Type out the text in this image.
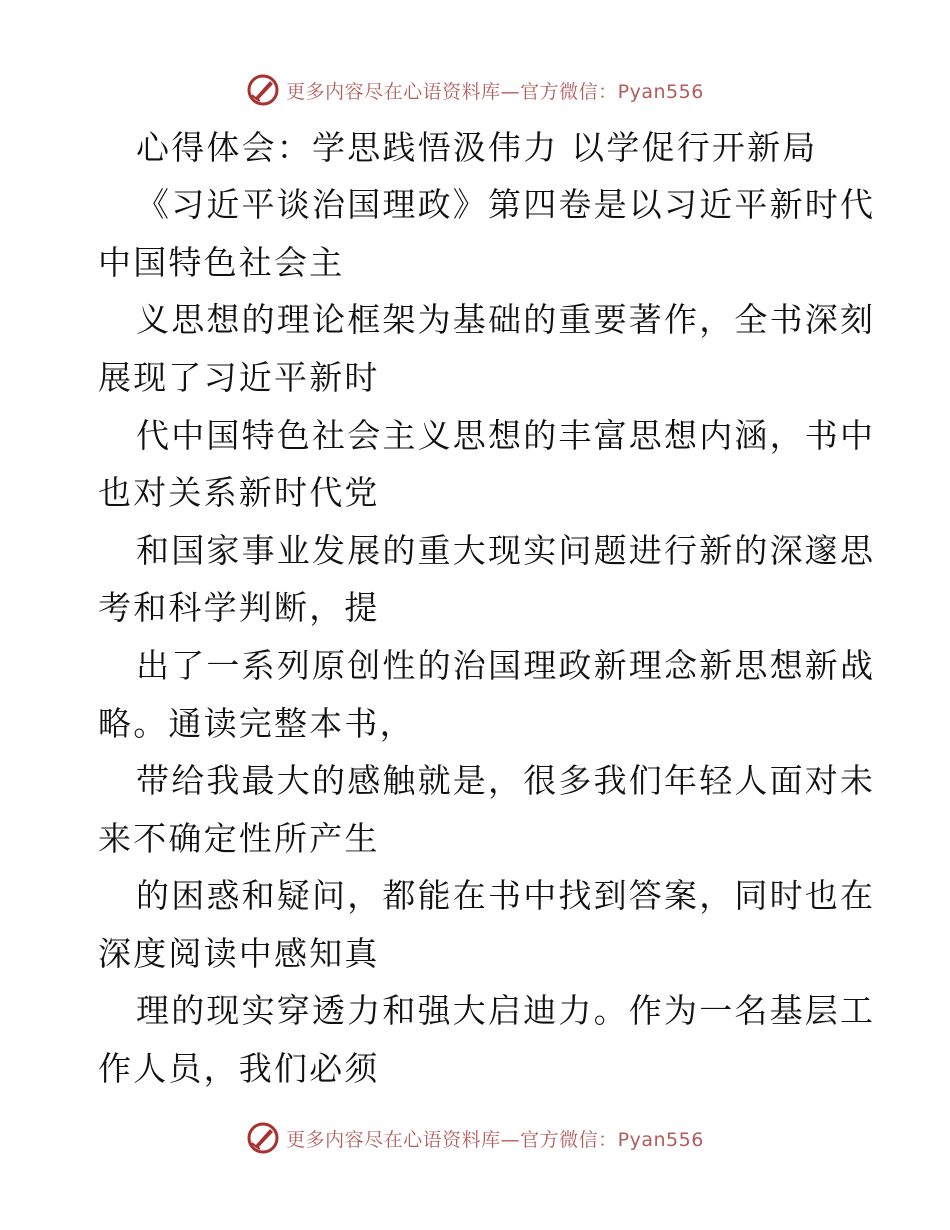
更多内容尽在心语资料库—官方微信：Pyan556
心得体会：学思践悟汲伟力 以学促行开新局
《习近平谈治国理政》第四卷是以习近平新时代
中国特色社会主
义思想的理论框架为基础的重要著作，全书深刻
展现了习近平新时
代中国特色社会主义思想的丰富思想内涵，书中
也对关系新时代党
和国家事业发展的重大现实问题进行新的深邃思
考和科学判断，提
出了一系列原创性的治国理政新理念新思想新战
略。通读完整本书，
带给我最大的感触就是，很多我们年轻人面对未
来不确定性所产生
的困惑和疑问，都能在书中找到答案，同时也在
深度阅读中感知真
理的现实穿透力和强大启迪力。作为一名基层工
作人员，我们必须
更多内容尽在心语资料库—官方微信：Pyan556
